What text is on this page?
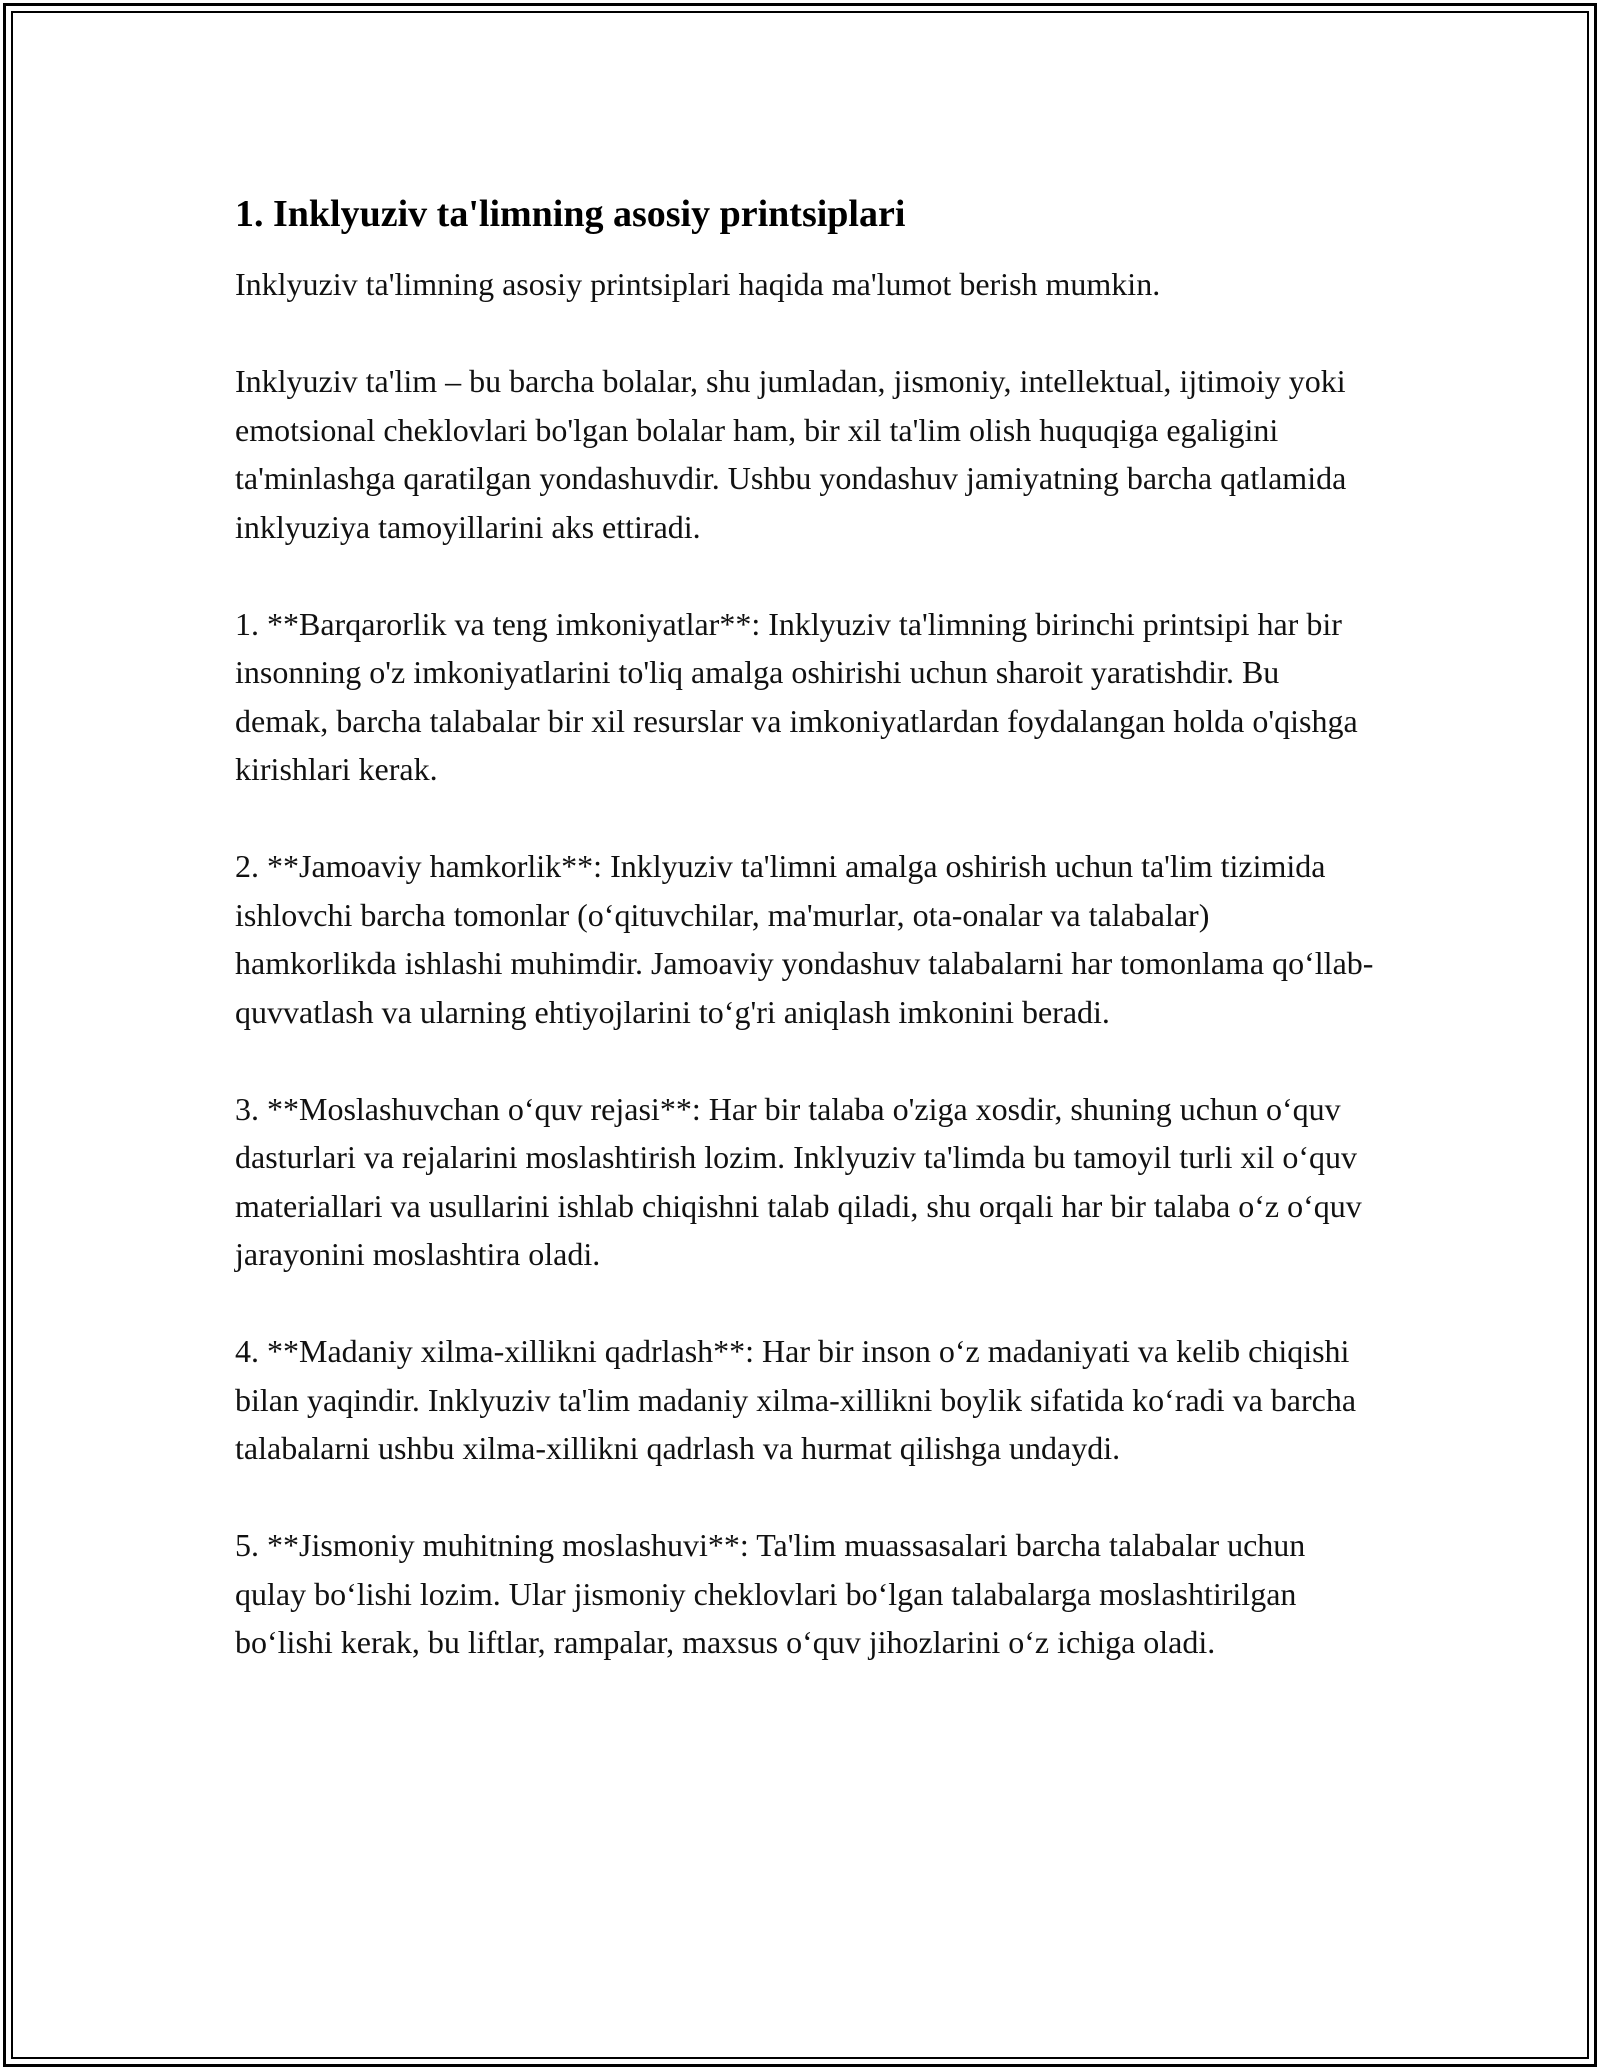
1. Inklyuziv ta'limning asosiy printsiplari

Inklyuziv ta'limning asosiy printsiplari haqida ma'lumot berish mumkin.

Inklyuziv ta'lim – bu barcha bolalar, shu jumladan, jismoniy, intellektual, ijtimoiy yoki emotsional cheklovlari bo'lgan bolalar ham, bir xil ta'lim olish huquqiga egaligini ta'minlashga qaratilgan yondashuvdir. Ushbu yondashuv jamiyatning barcha qatlamida inklyuziya tamoyillarini aks ettiradi.

1. **Barqarorlik va teng imkoniyatlar**: Inklyuziv ta'limning birinchi printsipi har bir insonning o'z imkoniyatlarini to'liq amalga oshirishi uchun sharoit yaratishdir. Bu demak, barcha talabalar bir xil resurslar va imkoniyatlardan foydalangan holda o'qishga kirishlari kerak.

2. **Jamoaviy hamkorlik**: Inklyuziv ta'limni amalga oshirish uchun ta'lim tizimida ishlovchi barcha tomonlar (o‘qituvchilar, ma'murlar, ota-onalar va talabalar) hamkorlikda ishlashi muhimdir. Jamoaviy yondashuv talabalarni har tomonlama qo‘llab-quvvatlash va ularning ehtiyojlarini to‘g'ri aniqlash imkonini beradi.

3. **Moslashuvchan o‘quv rejasi**: Har bir talaba o'ziga xosdir, shuning uchun o‘quv dasturlari va rejalarini moslashtirish lozim. Inklyuziv ta'limda bu tamoyil turli xil o‘quv materiallari va usullarini ishlab chiqishni talab qiladi, shu orqali har bir talaba o‘z o‘quv jarayonini moslashtira oladi.

4. **Madaniy xilma-xillikni qadrlash**: Har bir inson o‘z madaniyati va kelib chiqishi bilan yaqindir. Inklyuziv ta'lim madaniy xilma-xillikni boylik sifatida ko‘radi va barcha talabalarni ushbu xilma-xillikni qadrlash va hurmat qilishga undaydi.

5. **Jismoniy muhitning moslashuvi**: Ta'lim muassasalari barcha talabalar uchun qulay bo‘lishi lozim. Ular jismoniy cheklovlari bo‘lgan talabalarga moslashtirilgan bo‘lishi kerak, bu liftlar, rampalar, maxsus o‘quv jihozlarini o‘z ichiga oladi.
